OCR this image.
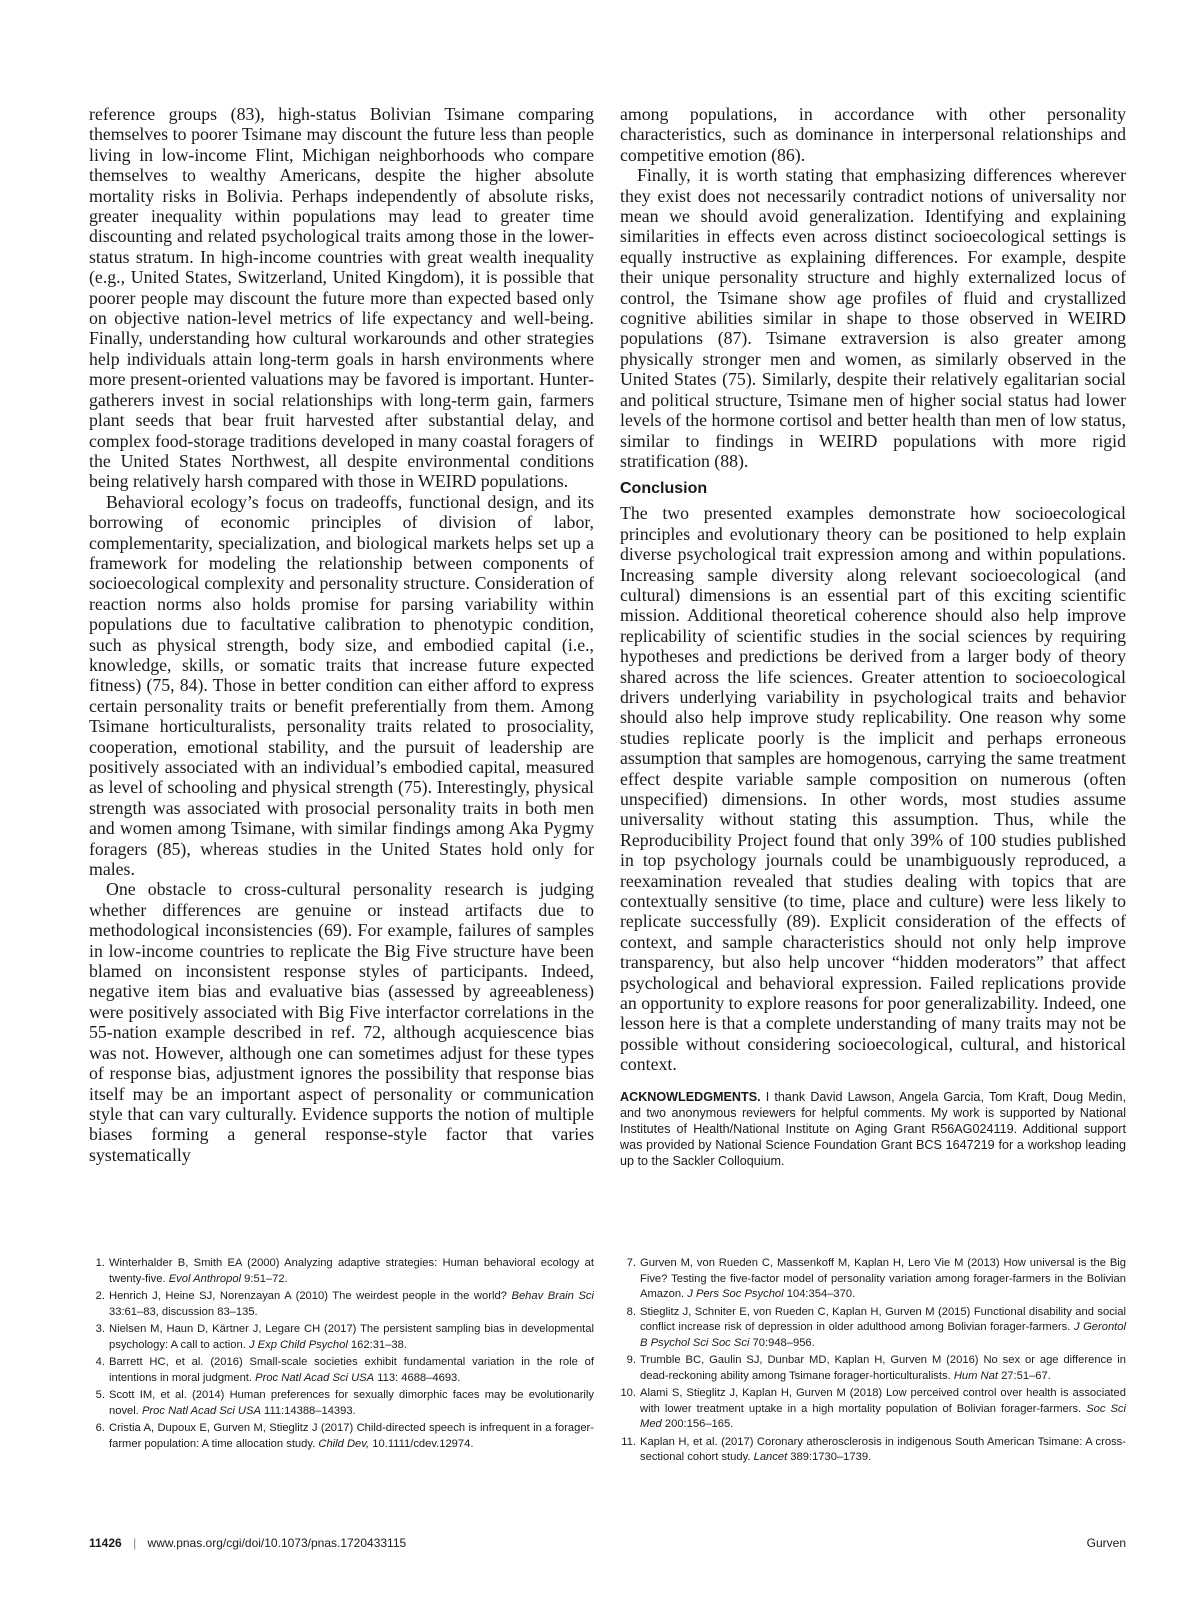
reference groups (83), high-status Bolivian Tsimane comparing themselves to poorer Tsimane may discount the future less than people living in low-income Flint, Michigan neighborhoods who compare themselves to wealthy Americans, despite the higher absolute mortality risks in Bolivia. Perhaps independently of absolute risks, greater inequality within populations may lead to greater time discounting and related psychological traits among those in the lower-status stratum. In high-income countries with great wealth inequality (e.g., United States, Switzerland, United Kingdom), it is possible that poorer people may discount the future more than expected based only on objective nation-level metrics of life expectancy and well-being. Finally, understanding how cultural workarounds and other strategies help individuals attain long-term goals in harsh environments where more present-oriented valuations may be favored is important. Hunter-gatherers invest in social relationships with long-term gain, farmers plant seeds that bear fruit harvested after substantial delay, and complex food-storage traditions developed in many coastal foragers of the United States Northwest, all despite environmental conditions being relatively harsh compared with those in WEIRD populations.

Behavioral ecology’s focus on tradeoffs, functional design, and its borrowing of economic principles of division of labor, complementarity, specialization, and biological markets helps set up a framework for modeling the relationship between components of socioecological complexity and personality structure. Consideration of reaction norms also holds promise for parsing variability within populations due to facultative calibration to phenotypic condition, such as physical strength, body size, and embodied capital (i.e., knowledge, skills, or somatic traits that increase future expected fitness) (75, 84). Those in better condition can either afford to express certain personality traits or benefit preferentially from them. Among Tsimane horticulturalists, personality traits related to prosociality, cooperation, emotional stability, and the pursuit of leadership are positively associated with an individual’s embodied capital, measured as level of schooling and physical strength (75). Interestingly, physical strength was associated with prosocial personality traits in both men and women among Tsimane, with similar findings among Aka Pygmy foragers (85), whereas studies in the United States hold only for males.

One obstacle to cross-cultural personality research is judging whether differences are genuine or instead artifacts due to methodological inconsistencies (69). For example, failures of samples in low-income countries to replicate the Big Five structure have been blamed on inconsistent response styles of participants. Indeed, negative item bias and evaluative bias (assessed by agreeableness) were positively associated with Big Five interfactor correlations in the 55-nation example described in ref. 72, although acquiescence bias was not. However, although one can sometimes adjust for these types of response bias, adjustment ignores the possibility that response bias itself may be an important aspect of personality or communication style that can vary culturally. Evidence supports the notion of multiple biases forming a general response-style factor that varies systematically

among populations, in accordance with other personality characteristics, such as dominance in interpersonal relationships and competitive emotion (86).

Finally, it is worth stating that emphasizing differences wherever they exist does not necessarily contradict notions of universality nor mean we should avoid generalization. Identifying and explaining similarities in effects even across distinct socioecological settings is equally instructive as explaining differences. For example, despite their unique personality structure and highly externalized locus of control, the Tsimane show age profiles of fluid and crystallized cognitive abilities similar in shape to those observed in WEIRD populations (87). Tsimane extraversion is also greater among physically stronger men and women, as similarly observed in the United States (75). Similarly, despite their relatively egalitarian social and political structure, Tsimane men of higher social status had lower levels of the hormone cortisol and better health than men of low status, similar to findings in WEIRD populations with more rigid stratification (88).

Conclusion

The two presented examples demonstrate how socioecological principles and evolutionary theory can be positioned to help explain diverse psychological trait expression among and within populations. Increasing sample diversity along relevant socioecological (and cultural) dimensions is an essential part of this exciting scientific mission. Additional theoretical coherence should also help improve replicability of scientific studies in the social sciences by requiring hypotheses and predictions be derived from a larger body of theory shared across the life sciences. Greater attention to socioecological drivers underlying variability in psychological traits and behavior should also help improve study replicability. One reason why some studies replicate poorly is the implicit and perhaps erroneous assumption that samples are homogenous, carrying the same treatment effect despite variable sample composition on numerous (often unspecified) dimensions. In other words, most studies assume universality without stating this assumption. Thus, while the Reproducibility Project found that only 39% of 100 studies published in top psychology journals could be unambiguously reproduced, a reexamination revealed that studies dealing with topics that are contextually sensitive (to time, place and culture) were less likely to replicate successfully (89). Explicit consideration of the effects of context, and sample characteristics should not only help improve transparency, but also help uncover “hidden moderators” that affect psychological and behavioral expression. Failed replications provide an opportunity to explore reasons for poor generalizability. Indeed, one lesson here is that a complete understanding of many traits may not be possible without considering socioecological, cultural, and historical context.

ACKNOWLEDGMENTS. I thank David Lawson, Angela Garcia, Tom Kraft, Doug Medin, and two anonymous reviewers for helpful comments. My work is supported by National Institutes of Health/National Institute on Aging Grant R56AG024119. Additional support was provided by National Science Foundation Grant BCS 1647219 for a workshop leading up to the Sackler Colloquium.
1. Winterhalder B, Smith EA (2000) Analyzing adaptive strategies: Human behavioral ecology at twenty-five. Evol Anthropol 9:51–72.
2. Henrich J, Heine SJ, Norenzayan A (2010) The weirdest people in the world? Behav Brain Sci 33:61–83, discussion 83–135.
3. Nielsen M, Haun D, Kärtner J, Legare CH (2017) The persistent sampling bias in developmental psychology: A call to action. J Exp Child Psychol 162:31–38.
4. Barrett HC, et al. (2016) Small-scale societies exhibit fundamental variation in the role of intentions in moral judgment. Proc Natl Acad Sci USA 113: 4688–4693.
5. Scott IM, et al. (2014) Human preferences for sexually dimorphic faces may be evolutionarily novel. Proc Natl Acad Sci USA 111:14388–14393.
6. Cristia A, Dupoux E, Gurven M, Stieglitz J (2017) Child-directed speech is infrequent in a forager-farmer population: A time allocation study. Child Dev, 10.1111/cdev.12974.
7. Gurven M, von Rueden C, Massenkoff M, Kaplan H, Lero Vie M (2013) How universal is the Big Five? Testing the five-factor model of personality variation among forager-farmers in the Bolivian Amazon. J Pers Soc Psychol 104:354–370.
8. Stieglitz J, Schniter E, von Rueden C, Kaplan H, Gurven M (2015) Functional disability and social conflict increase risk of depression in older adulthood among Bolivian forager-farmers. J Gerontol B Psychol Sci Soc Sci 70:948–956.
9. Trumble BC, Gaulin SJ, Dunbar MD, Kaplan H, Gurven M (2016) No sex or age difference in dead-reckoning ability among Tsimane forager-horticulturalists. Hum Nat 27:51–67.
10. Alami S, Stieglitz J, Kaplan H, Gurven M (2018) Low perceived control over health is associated with lower treatment uptake in a high mortality population of Bolivian forager-farmers. Soc Sci Med 200:156–165.
11. Kaplan H, et al. (2017) Coronary atherosclerosis in indigenous South American Tsimane: A cross-sectional cohort study. Lancet 389:1730–1739.
11426 | www.pnas.org/cgi/doi/10.1073/pnas.1720433115	Gurven
